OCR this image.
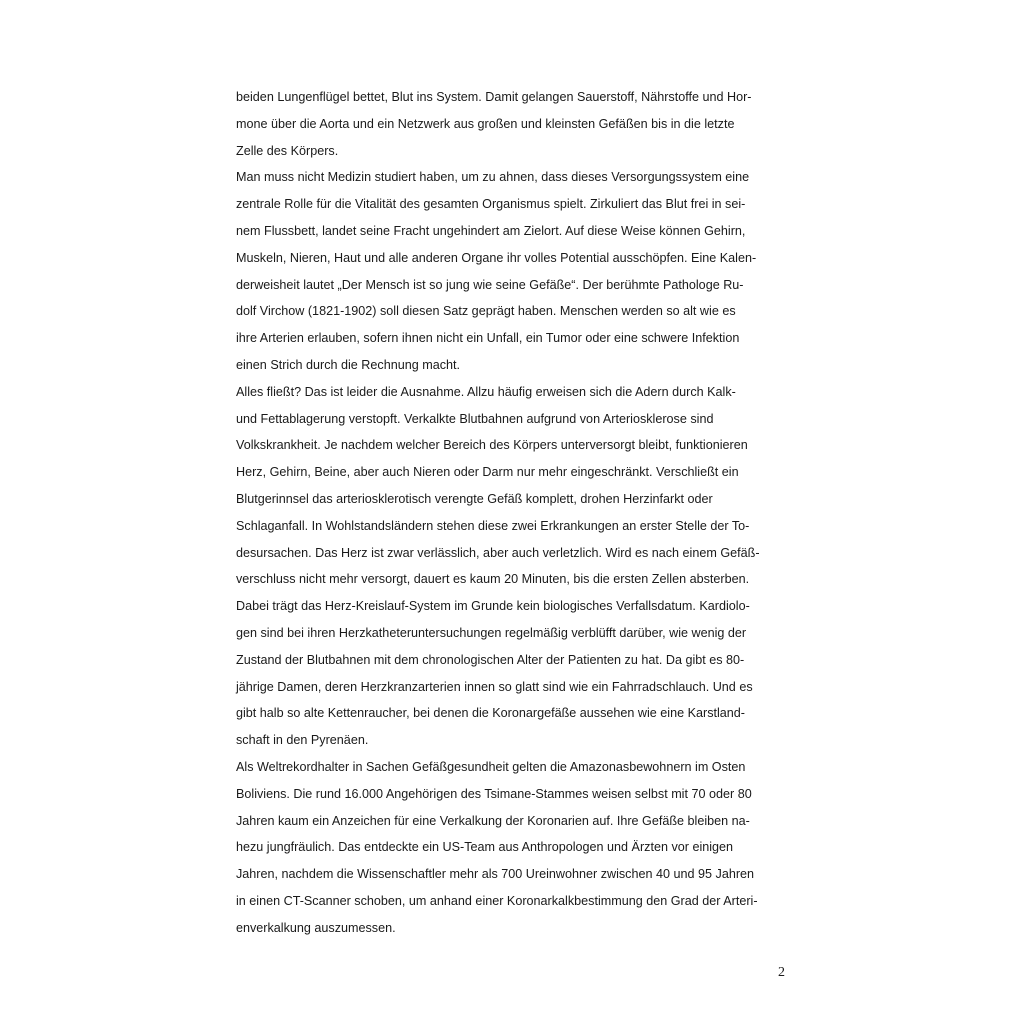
beiden Lungenflügel bettet, Blut ins System. Damit gelangen Sauerstoff, Nährstoffe und Hor-
mone über die Aorta und ein Netzwerk aus großen und kleinsten Gefäßen bis in die letzte
Zelle des Körpers.
Man muss nicht Medizin studiert haben, um zu ahnen, dass dieses Versorgungssystem eine
zentrale Rolle für die Vitalität des gesamten Organismus spielt. Zirkuliert das Blut frei in sei-
nem Flussbett, landet seine Fracht ungehindert am Zielort. Auf diese Weise können Gehirn,
Muskeln, Nieren, Haut und alle anderen Organe ihr volles Potential ausschöpfen. Eine Kalen-
derweisheit lautet „Der Mensch ist so jung wie seine Gefäße“. Der berühmte Pathologe Ru-
dolf Virchow (1821-1902) soll diesen Satz geprägt haben. Menschen werden so alt wie es
ihre Arterien erlauben, sofern ihnen nicht ein Unfall, ein Tumor oder eine schwere Infektion
einen Strich durch die Rechnung macht.
Alles fließt? Das ist leider die Ausnahme. Allzu häufig erweisen sich die Adern durch Kalk-
und Fettablagerung verstopft. Verkalkte Blutbahnen aufgrund von Arteriosklerose sind
Volkskrankheit. Je nachdem welcher Bereich des Körpers unterversorgt bleibt, funktionieren
Herz, Gehirn, Beine, aber auch Nieren oder Darm nur mehr eingeschränkt. Verschließt ein
Blutgerinnsel das arteriosklerotisch verengte Gefäß komplett, drohen Herzinfarkt oder
Schlaganfall. In Wohlstandsländern stehen diese zwei Erkrankungen an erster Stelle der To-
desursachen. Das Herz ist zwar verlässlich, aber auch verletzlich. Wird es nach einem Gefäß-
verschluss nicht mehr versorgt, dauert es kaum 20 Minuten, bis die ersten Zellen absterben.
Dabei trägt das Herz-Kreislauf-System im Grunde kein biologisches Verfallsdatum. Kardiolo-
gen sind bei ihren Herzkatheteruntersuchungen regelmäßig verblüfft darüber, wie wenig der
Zustand der Blutbahnen mit dem chronologischen Alter der Patienten zu hat. Da gibt es 80-
jährige Damen, deren Herzkranzarterien innen so glatt sind wie ein Fahrradschlauch. Und es
gibt halb so alte Kettenraucher, bei denen die Koronargefäße aussehen wie eine Karstland-
schaft in den Pyrenäen.
Als Weltrekordhalter in Sachen Gefäßgesundheit gelten die Amazonasbewohnern im Osten
Boliviens. Die rund 16.000 Angehörigen des Tsimane-Stammes weisen selbst mit 70 oder 80
Jahren kaum ein Anzeichen für eine Verkalkung der Koronarien auf. Ihre Gefäße bleiben na-
hezu jungfräulich. Das entdeckte ein US-Team aus Anthropologen und Ärzten vor einigen
Jahren, nachdem die Wissenschaftler mehr als 700 Ureinwohner zwischen 40 und 95 Jahren
in einen CT-Scanner schoben, um anhand einer Koronarkalkbestimmung den Grad der Arteri-
enverkalkung auszumessen.
2
